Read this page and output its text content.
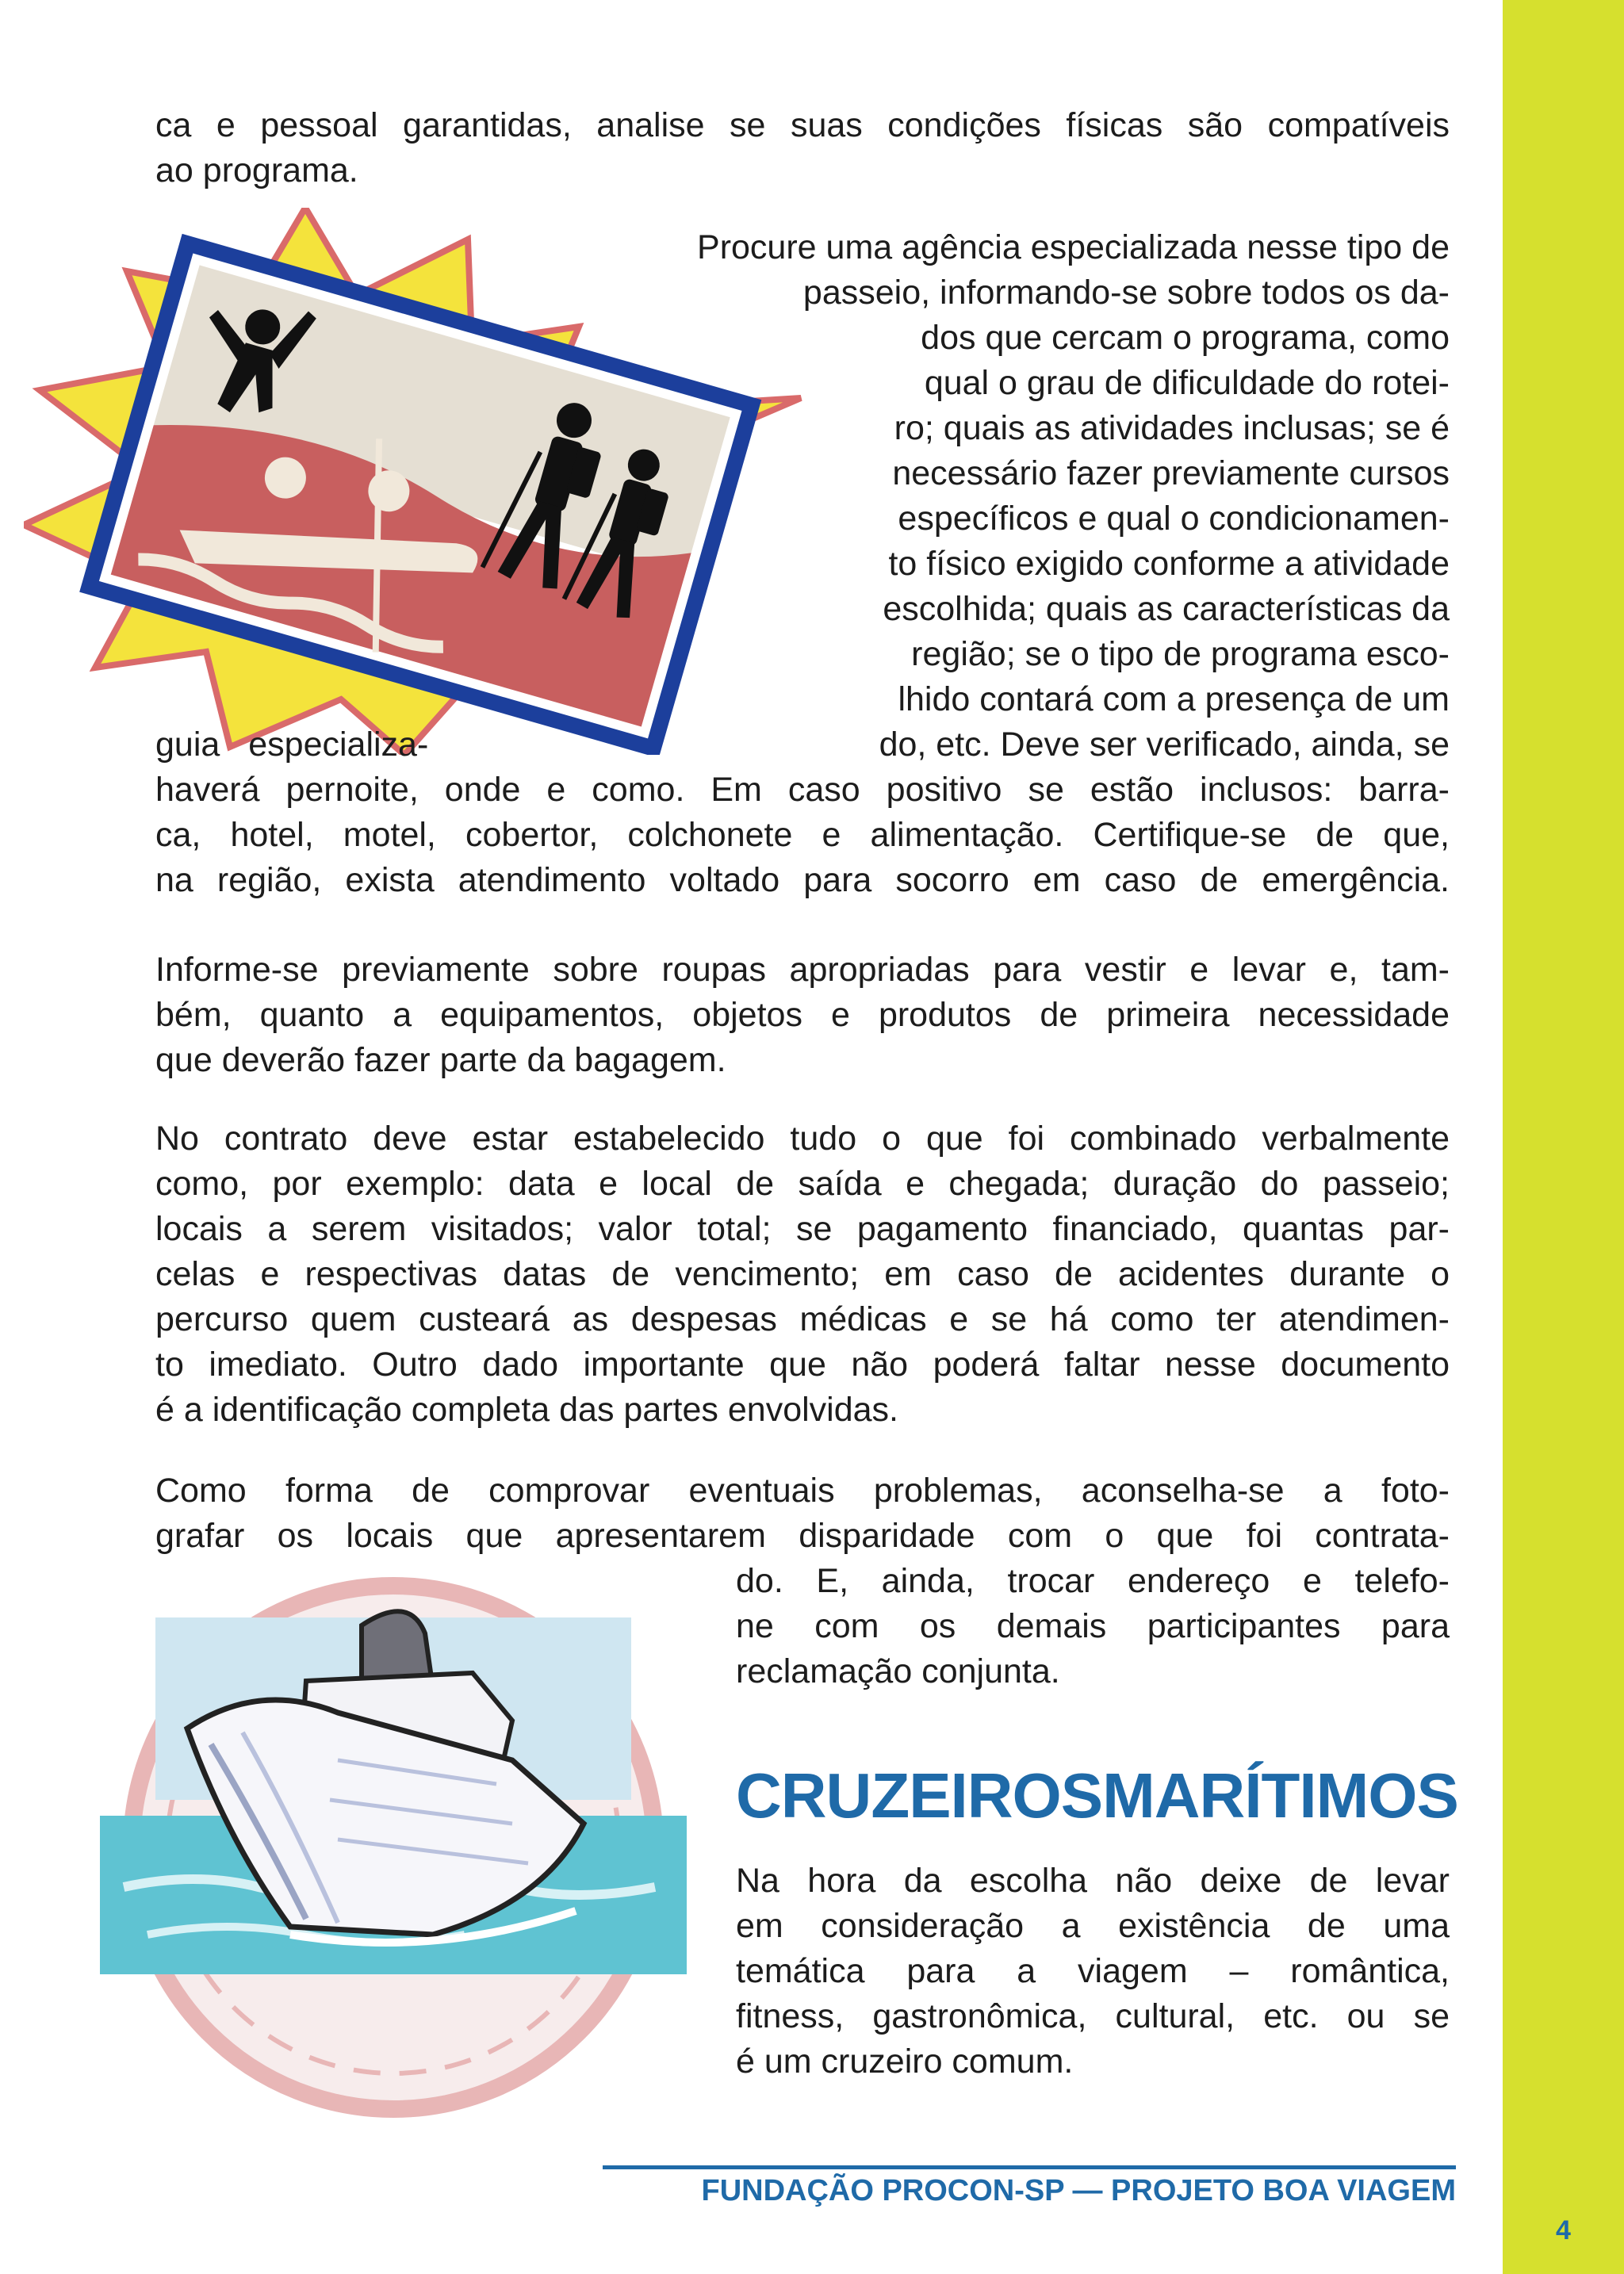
4
ca e pessoal garantidas, analise se suas condições físicas são compatíveis
ao programa.
Procure uma agência especializada nesse tipo de
passeio, informando-se sobre todos os da-
dos que cercam o programa, como
qual o grau de dificuldade do rotei-
ro; quais as atividades inclusas; se é
necessário fazer previamente cursos
específicos e qual o condicionamen-
to físico exigido conforme a atividade
escolhida; quais as características da
região; se o tipo de programa esco-
lhido contará com a presença de um
guia especializa-	do, etc. Deve ser verificado, ainda, se
haverá pernoite, onde e como. Em caso positivo se estão inclusos: barra-
ca, hotel, motel, cobertor, colchonete e alimentação. Certifique-se de que,
na região, exista atendimento voltado para socorro em caso de emergência.
Informe-se previamente sobre roupas apropriadas para vestir e levar e, tam-
bém, quanto a equipamentos, objetos e produtos de primeira necessidade
que deverão fazer parte da bagagem.
No contrato deve estar estabelecido tudo o que foi combinado verbalmente
como, por exemplo: data e local de saída e chegada; duração do passeio;
locais a serem visitados; valor total; se pagamento financiado, quantas par-
celas e respectivas datas de vencimento; em caso de acidentes durante o
percurso quem custeará as despesas médicas e se há como ter atendimen-
to imediato. Outro dado importante que não poderá faltar nesse documento
é a identificação completa das partes envolvidas.
Como forma de comprovar eventuais problemas, aconselha-se a foto-
grafar os locais que apresentarem disparidade com o que foi contrata-
do. E, ainda, trocar endereço e telefo-
ne com os demais participantes para
reclamação conjunta.
CRUZEIROSMARÍTIMOS
Na hora da escolha não deixe de levar
em consideração a existência de uma
temática para a viagem – romântica,
fitness, gastronômica, cultural, etc. ou se
é um cruzeiro comum.
FUNDAÇÃO PROCON-SP — PROJETO BOA VIAGEM
